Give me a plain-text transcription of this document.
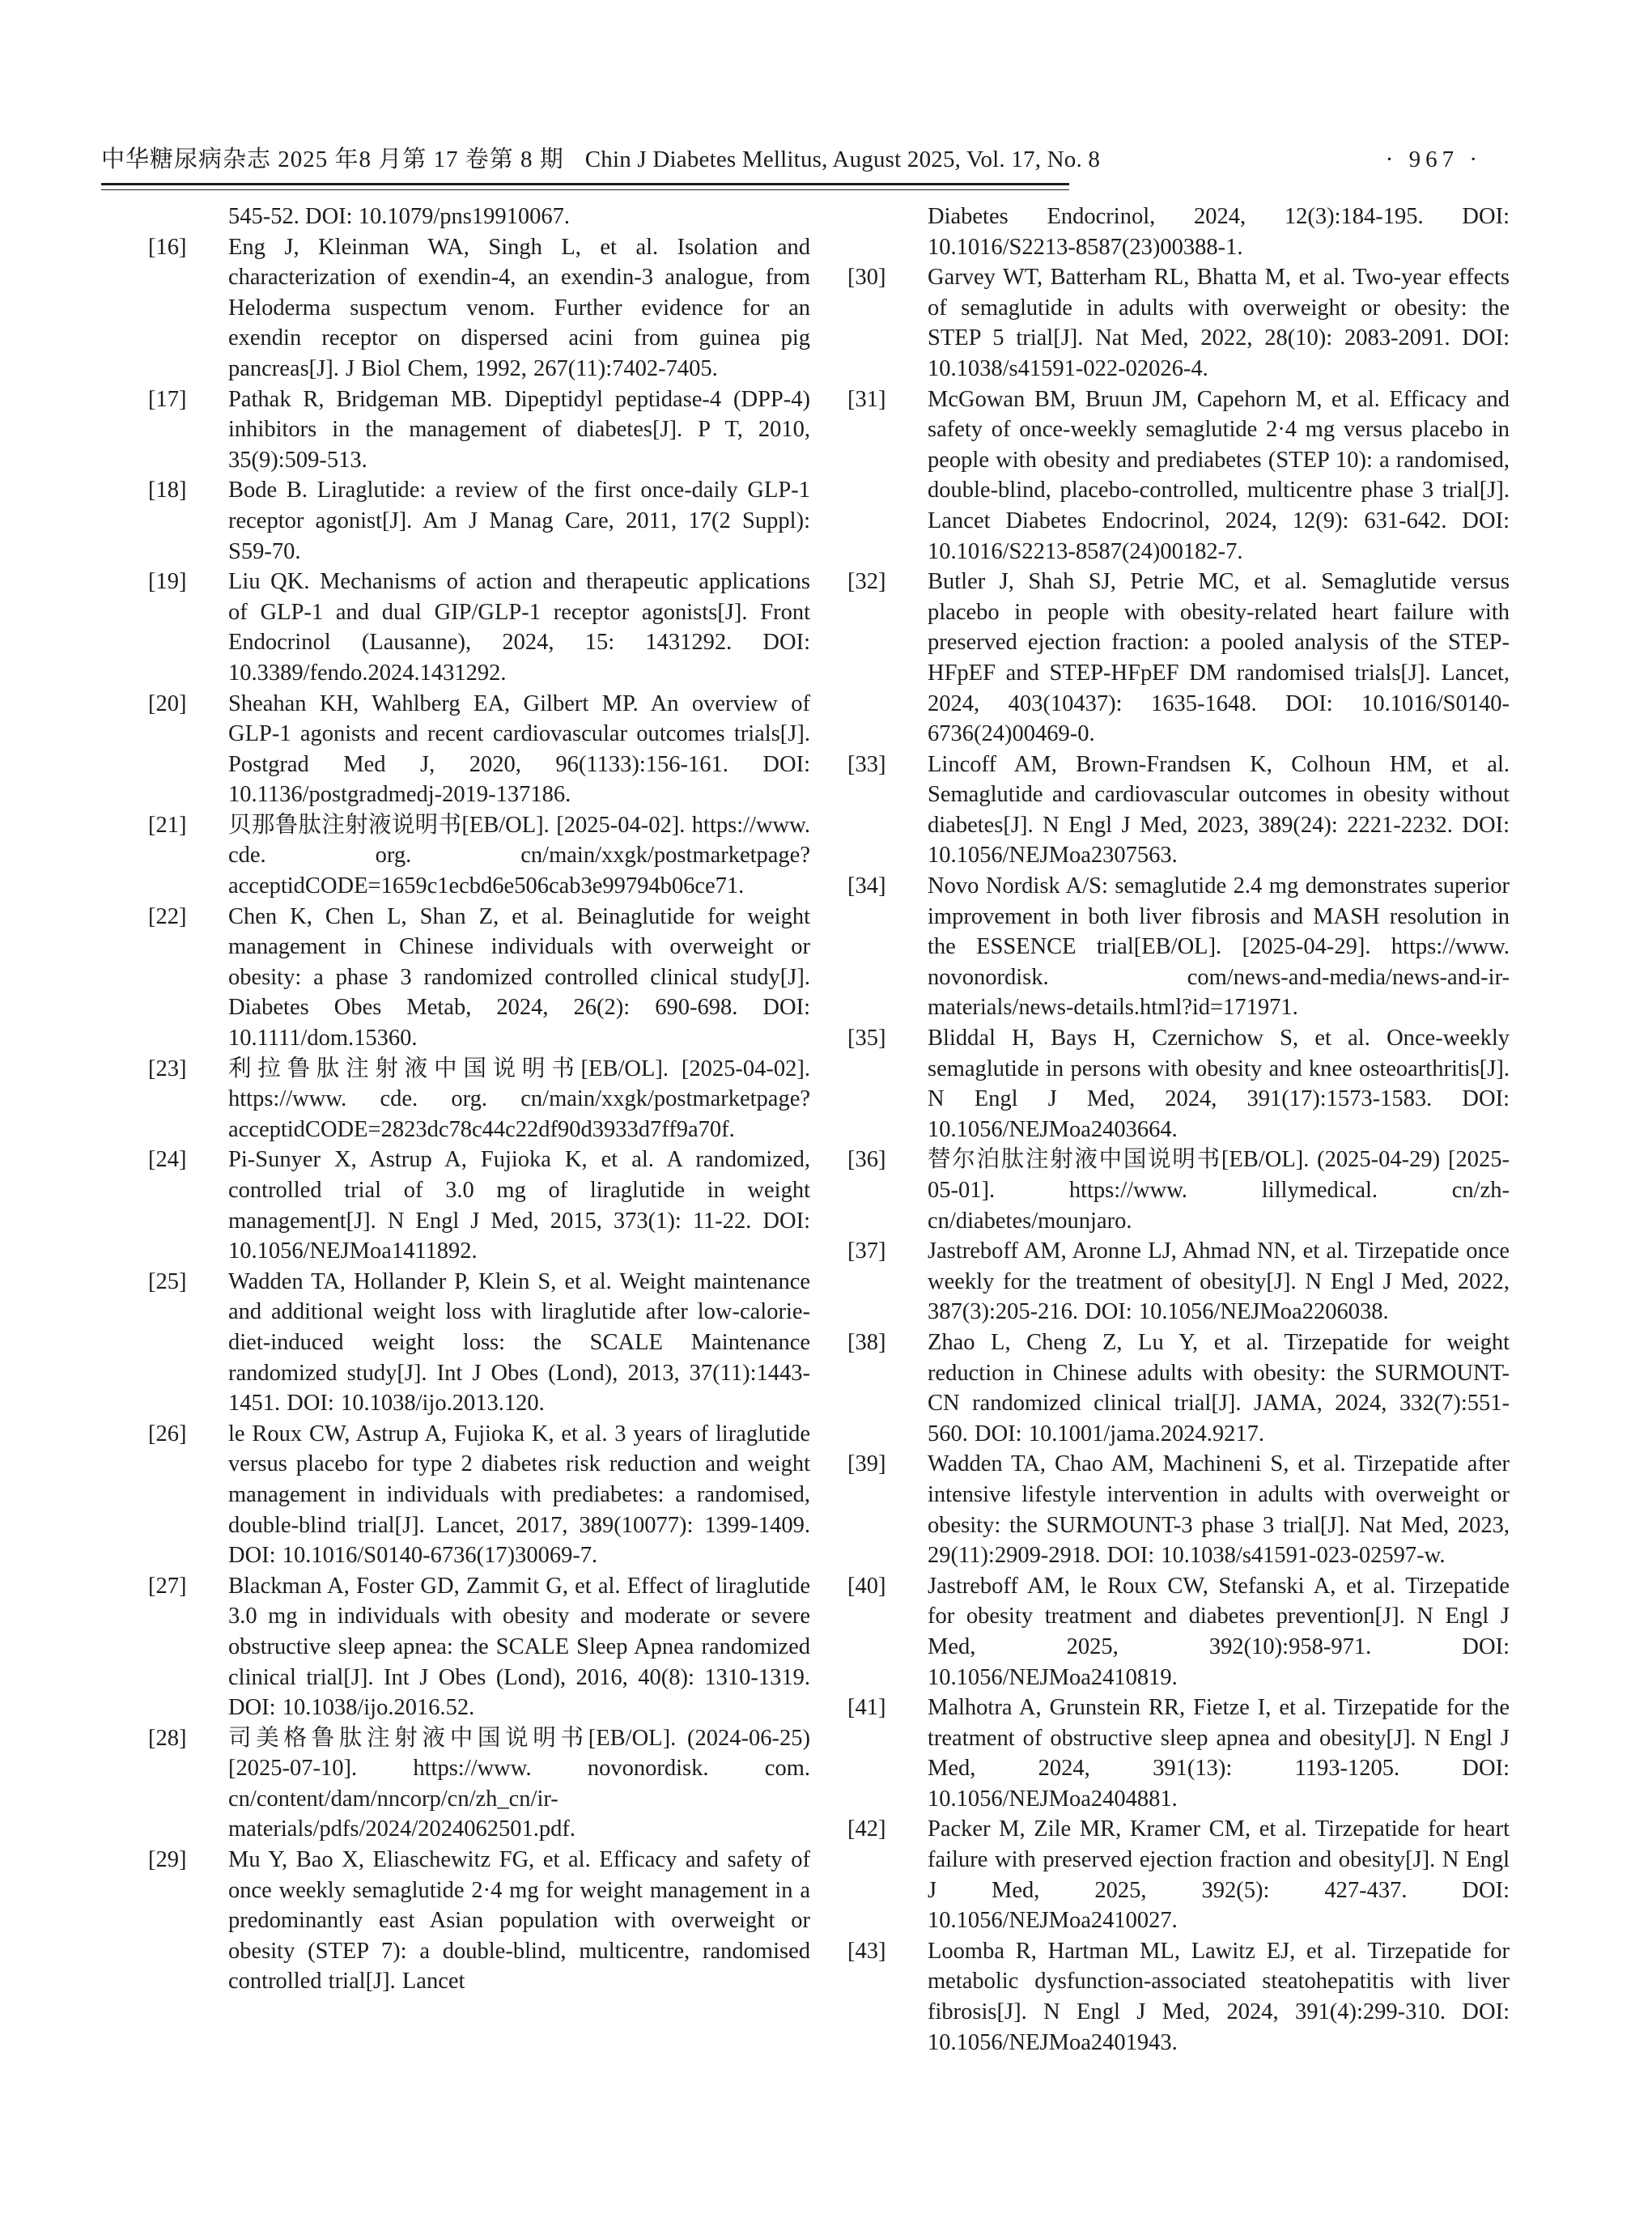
中华糖尿病杂志 2025 年8 月第 17 卷第 8 期 Chin J Diabetes Mellitus, August 2025, Vol. 17, No. 8	· 967 ·
545-52. DOI: 10.1079/pns19910067.
[16]	Eng J, Kleinman WA, Singh L, et al. Isolation and characterization of exendin-4, an exendin-3 analogue, from Heloderma suspectum venom. Further evidence for an exendin receptor on dispersed acini from guinea pig pancreas[J]. J Biol Chem, 1992, 267(11):7402-7405.
[17]	Pathak R, Bridgeman MB. Dipeptidyl peptidase-4 (DPP-4) inhibitors in the management of diabetes[J]. P T, 2010, 35(9):509-513.
[18]	Bode B. Liraglutide: a review of the first once-daily GLP-1 receptor agonist[J]. Am J Manag Care, 2011, 17(2 Suppl): S59-70.
[19]	Liu QK. Mechanisms of action and therapeutic applications of GLP-1 and dual GIP/GLP-1 receptor agonists[J]. Front Endocrinol (Lausanne), 2024, 15: 1431292. DOI: 10.3389/fendo.2024.1431292.
[20]	Sheahan KH, Wahlberg EA, Gilbert MP. An overview of GLP-1 agonists and recent cardiovascular outcomes trials[J]. Postgrad Med J, 2020, 96(1133):156-161. DOI: 10.1136/postgradmedj-2019-137186.
[21]	贝那鲁肽注射液说明书[EB/OL]. [2025-04-02]. https://www. cde. org. cn/main/xxgk/postmarketpage?acceptidCODE=1659c1ecbd6e506cab3e99794b06ce71.
[22]	Chen K, Chen L, Shan Z, et al. Beinaglutide for weight management in Chinese individuals with overweight or obesity: a phase 3 randomized controlled clinical study[J]. Diabetes Obes Metab, 2024, 26(2): 690-698. DOI: 10.1111/dom.15360.
[23]	利拉鲁肽注射液中国说明书[EB/OL]. [2025-04-02]. https://www. cde. org. cn/main/xxgk/postmarketpage?acceptidCODE=2823dc78c44c22df90d3933d7ff9a70f.
[24]	Pi-Sunyer X, Astrup A, Fujioka K, et al. A randomized, controlled trial of 3.0 mg of liraglutide in weight management[J]. N Engl J Med, 2015, 373(1): 11-22. DOI: 10.1056/NEJMoa1411892.
[25]	Wadden TA, Hollander P, Klein S, et al. Weight maintenance and additional weight loss with liraglutide after low-calorie-diet-induced weight loss: the SCALE Maintenance randomized study[J]. Int J Obes (Lond), 2013, 37(11):1443-1451. DOI: 10.1038/ijo.2013.120.
[26]	le Roux CW, Astrup A, Fujioka K, et al. 3 years of liraglutide versus placebo for type 2 diabetes risk reduction and weight management in individuals with prediabetes: a randomised, double-blind trial[J]. Lancet, 2017, 389(10077): 1399-1409. DOI: 10.1016/S0140-6736(17)30069-7.
[27]	Blackman A, Foster GD, Zammit G, et al. Effect of liraglutide 3.0 mg in individuals with obesity and moderate or severe obstructive sleep apnea: the SCALE Sleep Apnea randomized clinical trial[J]. Int J Obes (Lond), 2016, 40(8): 1310-1319. DOI: 10.1038/ijo.2016.52.
[28]	司美格鲁肽注射液中国说明书[EB/OL]. (2024-06-25) [2025-07-10]. https://www. novonordisk. com. cn/content/dam/nncorp/cn/zh_cn/ir-materials/pdfs/2024/2024062501.pdf.
[29]	Mu Y, Bao X, Eliaschewitz FG, et al. Efficacy and safety of once weekly semaglutide 2·4 mg for weight management in a predominantly east Asian population with overweight or obesity (STEP 7): a double-blind, multicentre, randomised controlled trial[J]. Lancet
Diabetes Endocrinol, 2024, 12(3):184-195. DOI: 10.1016/S2213-8587(23)00388-1.
[30]	Garvey WT, Batterham RL, Bhatta M, et al. Two-year effects of semaglutide in adults with overweight or obesity: the STEP 5 trial[J]. Nat Med, 2022, 28(10): 2083-2091. DOI: 10.1038/s41591-022-02026-4.
[31]	McGowan BM, Bruun JM, Capehorn M, et al. Efficacy and safety of once-weekly semaglutide 2·4 mg versus placebo in people with obesity and prediabetes (STEP 10): a randomised, double-blind, placebo-controlled, multicentre phase 3 trial[J]. Lancet Diabetes Endocrinol, 2024, 12(9): 631-642. DOI: 10.1016/S2213-8587(24)00182-7.
[32]	Butler J, Shah SJ, Petrie MC, et al. Semaglutide versus placebo in people with obesity-related heart failure with preserved ejection fraction: a pooled analysis of the STEP-HFpEF and STEP-HFpEF DM randomised trials[J]. Lancet, 2024, 403(10437): 1635-1648. DOI: 10.1016/S0140-6736(24)00469-0.
[33]	Lincoff AM, Brown-Frandsen K, Colhoun HM, et al. Semaglutide and cardiovascular outcomes in obesity without diabetes[J]. N Engl J Med, 2023, 389(24): 2221-2232. DOI: 10.1056/NEJMoa2307563.
[34]	Novo Nordisk A/S: semaglutide 2.4 mg demonstrates superior improvement in both liver fibrosis and MASH resolution in the ESSENCE trial[EB/OL]. [2025-04-29]. https://www. novonordisk. com/news-and-media/news-and-ir-materials/news-details.html?id=171971.
[35]	Bliddal H, Bays H, Czernichow S, et al. Once-weekly semaglutide in persons with obesity and knee osteoarthritis[J]. N Engl J Med, 2024, 391(17):1573-1583. DOI: 10.1056/NEJMoa2403664.
[36]	替尔泊肽注射液中国说明书[EB/OL]. (2025-04-29) [2025-05-01]. https://www. lillymedical. cn/zh-cn/diabetes/mounjaro.
[37]	Jastreboff AM, Aronne LJ, Ahmad NN, et al. Tirzepatide once weekly for the treatment of obesity[J]. N Engl J Med, 2022, 387(3):205-216. DOI: 10.1056/NEJMoa2206038.
[38]	Zhao L, Cheng Z, Lu Y, et al. Tirzepatide for weight reduction in Chinese adults with obesity: the SURMOUNT-CN randomized clinical trial[J]. JAMA, 2024, 332(7):551-560. DOI: 10.1001/jama.2024.9217.
[39]	Wadden TA, Chao AM, Machineni S, et al. Tirzepatide after intensive lifestyle intervention in adults with overweight or obesity: the SURMOUNT-3 phase 3 trial[J]. Nat Med, 2023, 29(11):2909-2918. DOI: 10.1038/s41591-023-02597-w.
[40]	Jastreboff AM, le Roux CW, Stefanski A, et al. Tirzepatide for obesity treatment and diabetes prevention[J]. N Engl J Med, 2025, 392(10):958-971. DOI: 10.1056/NEJMoa2410819.
[41]	Malhotra A, Grunstein RR, Fietze I, et al. Tirzepatide for the treatment of obstructive sleep apnea and obesity[J]. N Engl J Med, 2024, 391(13): 1193-1205. DOI: 10.1056/NEJMoa2404881.
[42]	Packer M, Zile MR, Kramer CM, et al. Tirzepatide for heart failure with preserved ejection fraction and obesity[J]. N Engl J Med, 2025, 392(5): 427-437. DOI: 10.1056/NEJMoa2410027.
[43]	Loomba R, Hartman ML, Lawitz EJ, et al. Tirzepatide for metabolic dysfunction-associated steatohepatitis with liver fibrosis[J]. N Engl J Med, 2024, 391(4):299-310. DOI: 10.1056/NEJMoa2401943.
